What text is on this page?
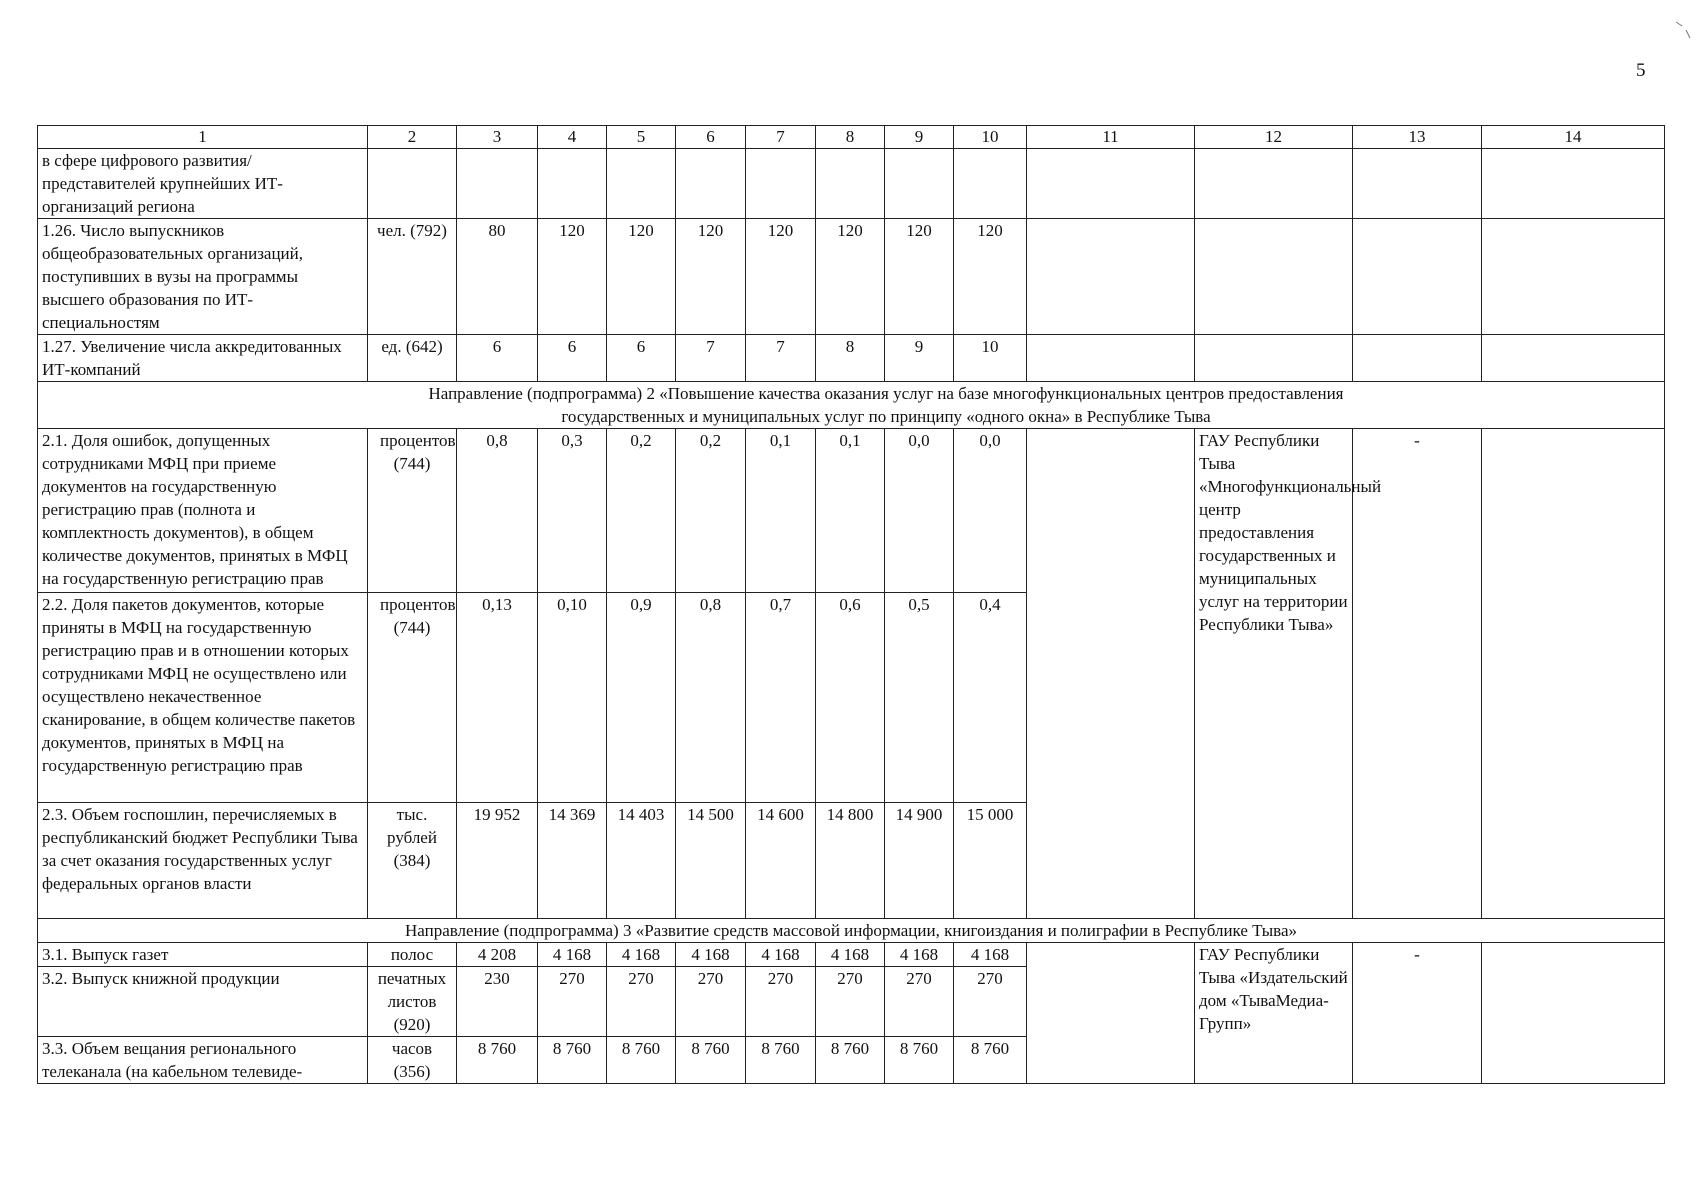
5
1	2	3	4	5	6	7	8	9	10	11	12	13	14
в сфере цифрового развития/ представителей крупнейших ИТ-организаций региона													
1.26. Число выпускников общеобразовательных организаций, поступивших в вузы на программы высшего образования по ИТ-специальностям	чел. (792)	80	120	120	120	120	120	120	120				
1.27. Увеличение числа аккредитованных ИТ-компаний	ед. (642)	6	6	6	7	7	8	9	10				
Направление (подпрограмма) 2 «Повышение качества оказания услуг на базе многофункциональных центров предоставления государственных и муниципальных услуг по принципу «одного окна» в Республике Тыва													
2.1. Доля ошибок, допущенных сотрудниками МФЦ при приеме документов на государственную регистрацию прав (полнота и комплектность документов), в общем количестве документов, принятых в МФЦ на государственную регистрацию прав	процентов (744)	0,8	0,3	0,2	0,2	0,1	0,1	0,0	0,0		ГАУ Республики Тыва «Многофункциональный центр предоставления государственных и муниципальных услуг на территории Республики Тыва»	-	
2.2. Доля пакетов документов, которые приняты в МФЦ на государственную регистрацию прав и в отношении которых сотрудниками МФЦ не осуществлено или осуществлено некачественное сканирование, в общем количестве пакетов документов, принятых в МФЦ на государственную регистрацию прав	процентов (744)	0,13	0,10	0,9	0,8	0,7	0,6	0,5	0,4				
2.3. Объем госпошлин, перечисляемых в республиканский бюджет Республики Тыва за счет оказания государственных услуг федеральных органов власти	тыс. рублей (384)	19 952	14 369	14 403	14 500	14 600	14 800	14 900	15 000				
Направление (подпрограмма) 3 «Развитие средств массовой информации, книгоиздания и полиграфии в Республике Тыва»													
3.1. Выпуск газет	полос	4 208	4 168	4 168	4 168	4 168	4 168	4 168	4 168		ГАУ Республики Тыва «Издательский дом «ТываМедиа-Групп»	-	
3.2. Выпуск книжной продукции	печатных листов (920)	230	270	270	270	270	270	270	270				
3.3. Объем вещания регионального телеканала (на кабельном телевиде-	часов (356)	8 760	8 760	8 760	8 760	8 760	8 760	8 760	8 760				
